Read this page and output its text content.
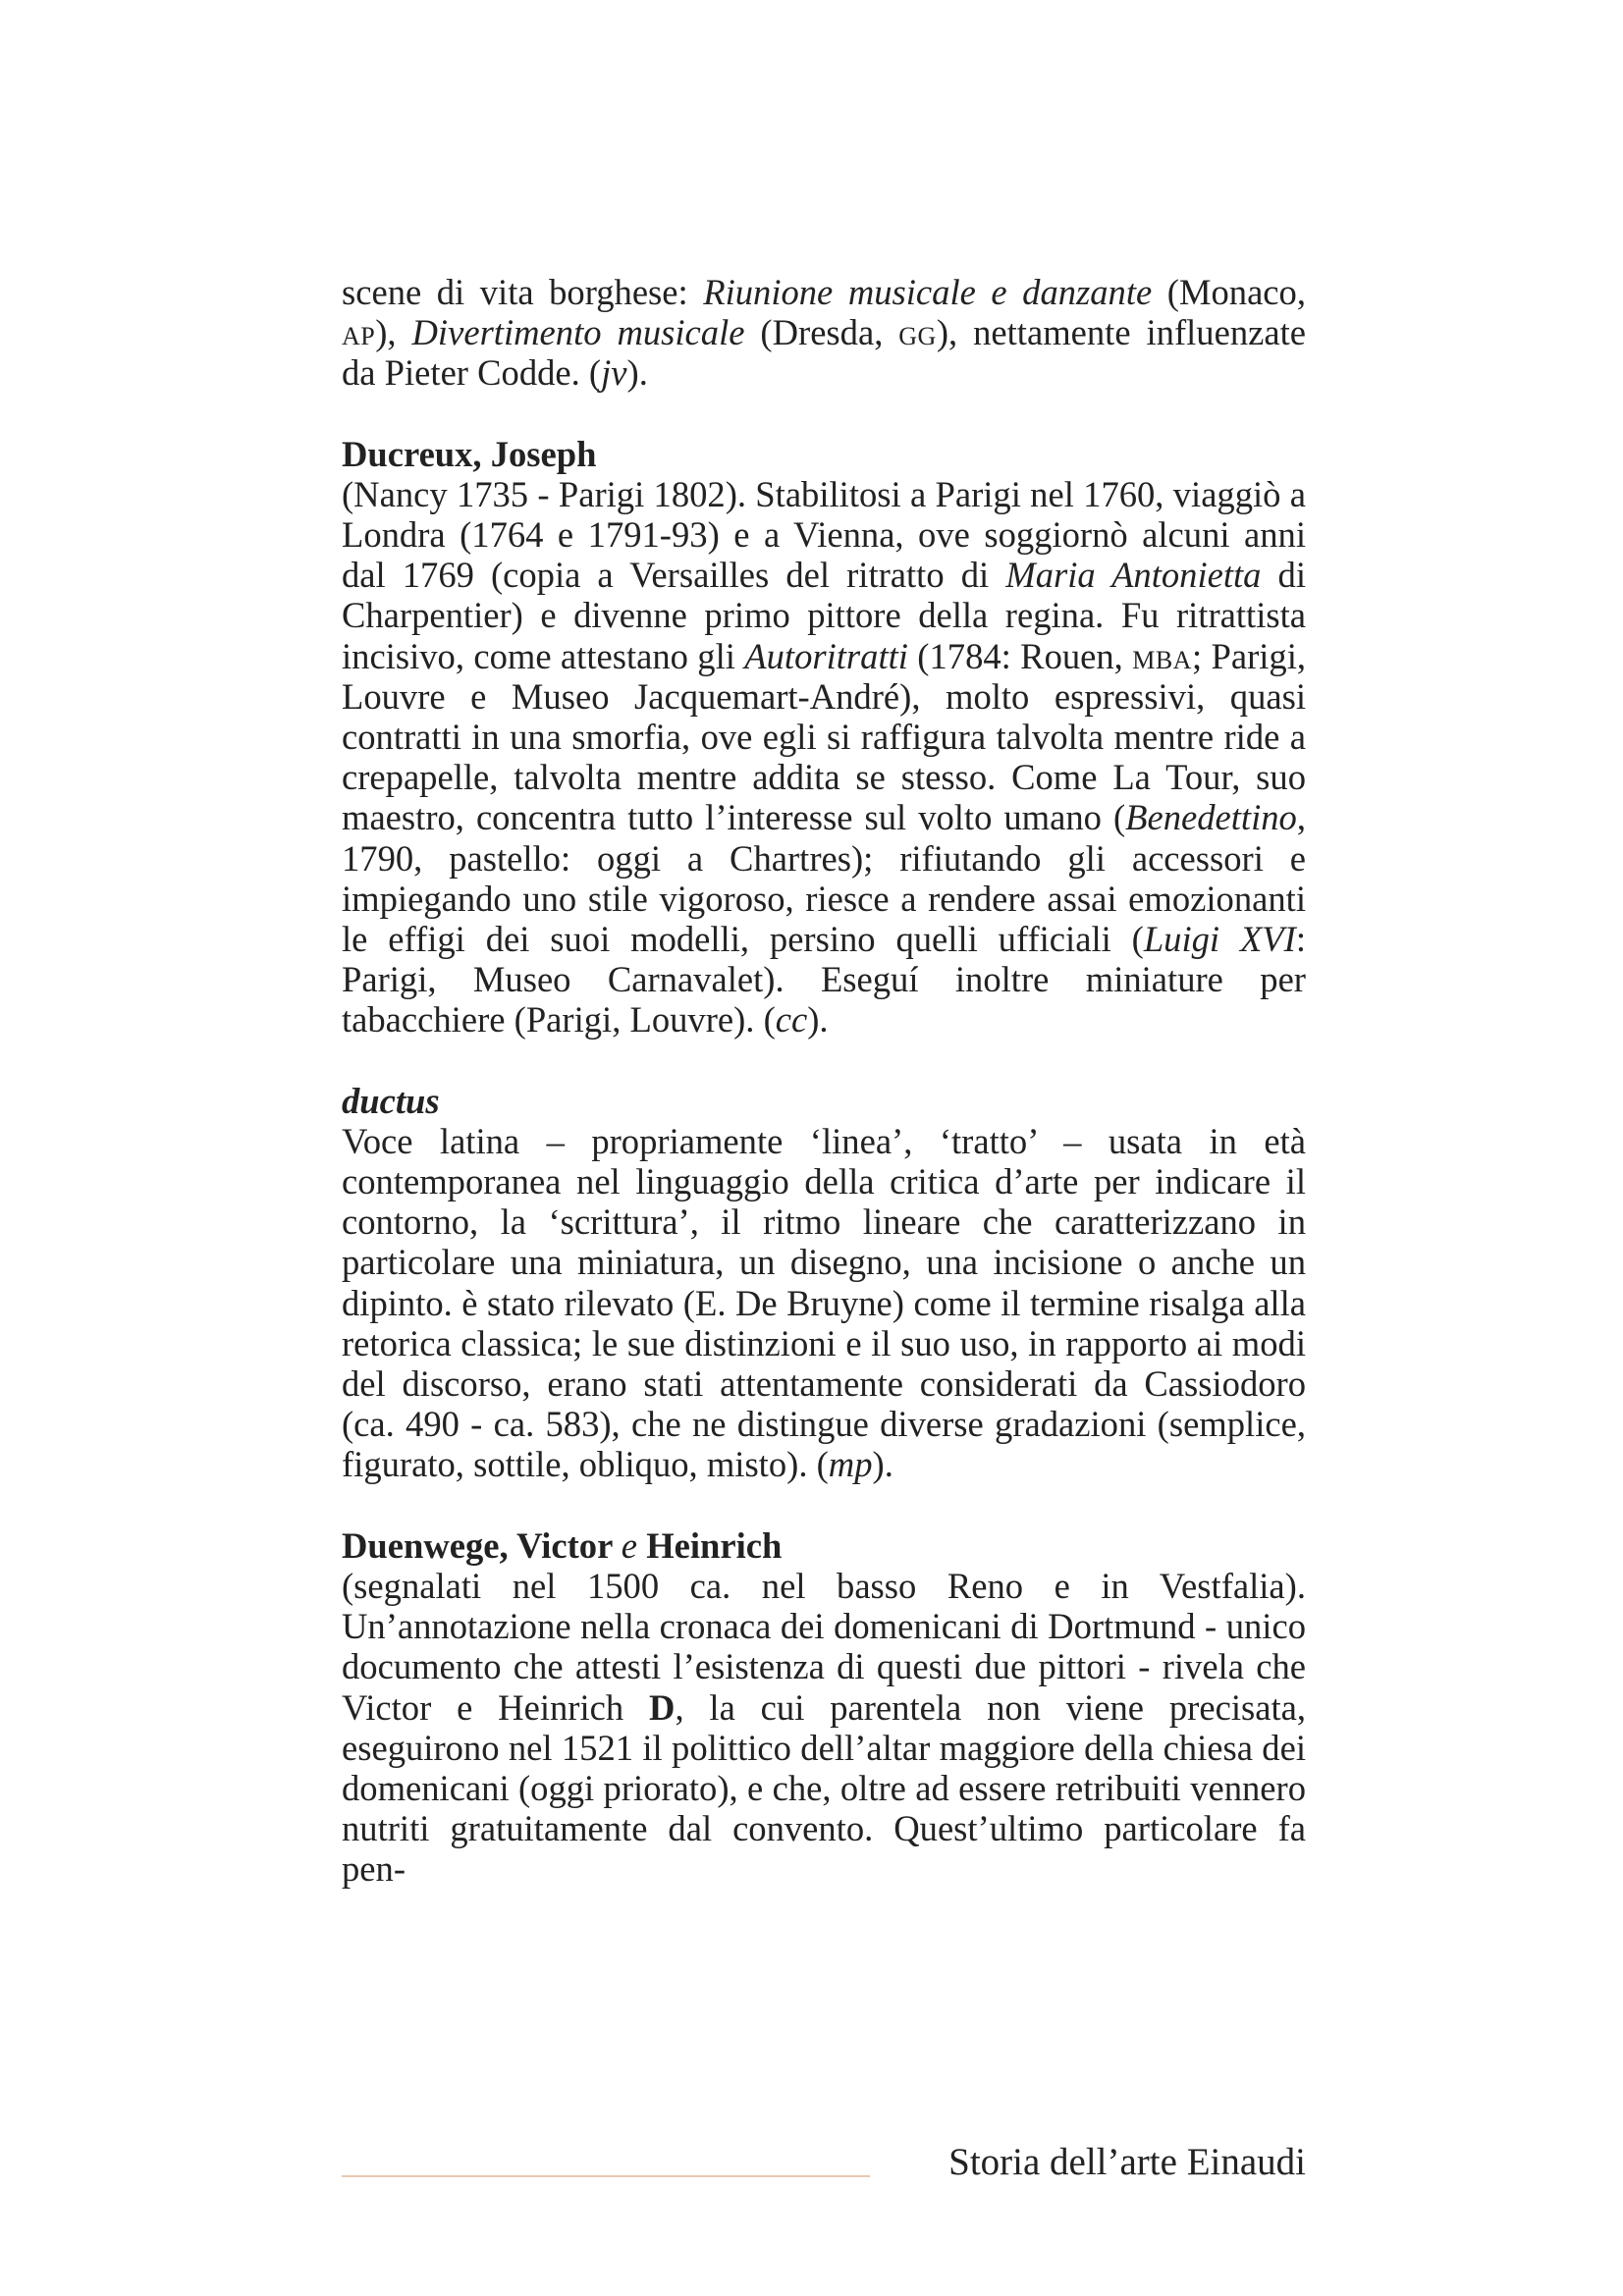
scene di vita borghese: Riunione musicale e danzante (Monaco, ap), Divertimento musicale (Dresda, gg), nettamente influenzate da Pieter Codde. (jv).

Ducreux, Joseph

(Nancy 1735 - Parigi 1802). Stabilitosi a Parigi nel 1760, viaggiò a Londra (1764 e 1791-93) e a Vienna, ove soggiornò alcuni anni dal 1769 (copia a Versailles del ritratto di Maria Antonietta di Charpentier) e divenne primo pittore della regina. Fu ritrattista incisivo, come attestano gli Autoritratti (1784: Rouen, mba; Parigi, Louvre e Museo Jacquemart-André), molto espressivi, quasi contratti in una smorfia, ove egli si raffigura talvolta mentre ride a crepapelle, talvolta mentre addita se stesso. Come La Tour, suo maestro, concentra tutto l’interesse sul volto umano (Benedettino, 1790, pastello: oggi a Chartres); rifiutando gli accessori e impiegando uno stile vigoroso, riesce a rendere assai emozionanti le effigi dei suoi modelli, persino quelli ufficiali (Luigi XVI: Parigi, Museo Carnavalet). Eseguí inoltre miniature per tabacchiere (Parigi, Louvre). (cc).

ductus

Voce latina – propriamente ‘linea’, ‘tratto’ – usata in età contemporanea nel linguaggio della critica d’arte per indicare il contorno, la ‘scrittura’, il ritmo lineare che caratterizzano in particolare una miniatura, un disegno, una incisione o anche un dipinto. è stato rilevato (E. De Bruyne) come il termine risalga alla retorica classica; le sue distinzioni e il suo uso, in rapporto ai modi del discorso, erano stati attentamente considerati da Cassiodoro (ca. 490 - ca. 583), che ne distingue diverse gradazioni (semplice, figurato, sottile, obliquo, misto). (mp).

Duenwege, Victor e Heinrich

(segnalati nel 1500 ca. nel basso Reno e in Vestfalia). Un’annotazione nella cronaca dei domenicani di Dortmund - unico documento che attesti l’esistenza di questi due pittori - rivela che Victor e Heinrich D, la cui parentela non viene precisata, eseguirono nel 1521 il polittico dell’altar maggiore della chiesa dei domenicani (oggi priorato), e che, oltre ad essere retribuiti vennero nutriti gratuitamente dal convento. Quest’ultimo particolare fa pen-

Storia dell’arte Einaudi
